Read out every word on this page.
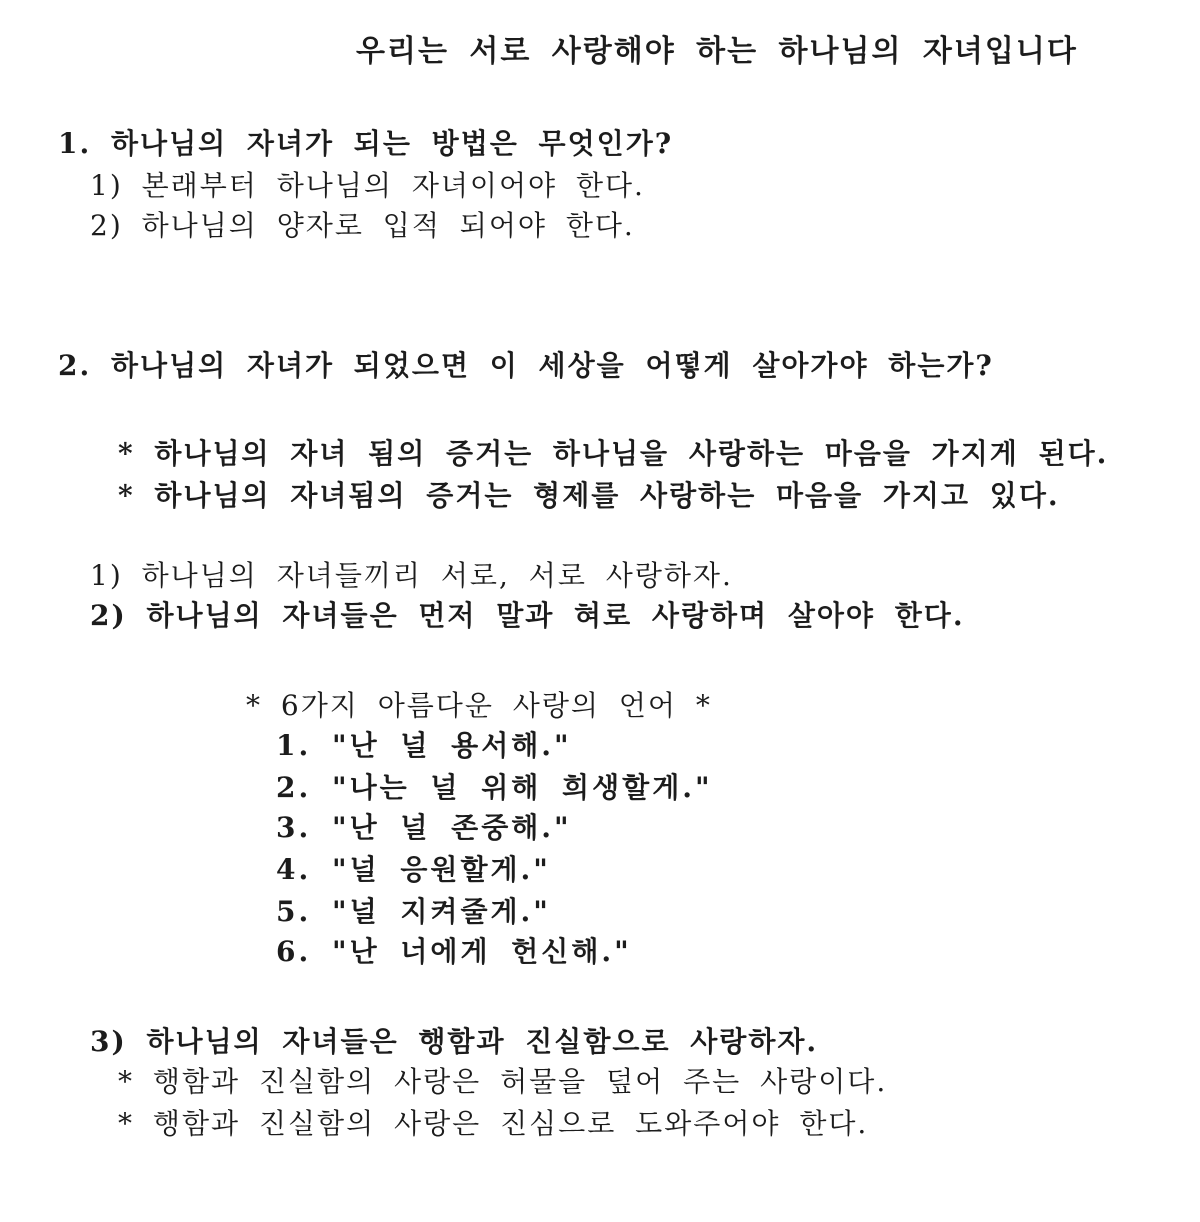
우리는 서로 사랑해야 하는 하나님의 자녀입니다
1. 하나님의 자녀가 되는 방법은 무엇인가?
1) 본래부터 하나님의 자녀이어야 한다.
2) 하나님의 양자로 입적 되어야 한다.
2. 하나님의 자녀가 되었으면 이 세상을 어떻게 살아가야 하는가?
* 하나님의 자녀 됨의 증거는 하나님을 사랑하는 마음을 가지게 된다.
* 하나님의 자녀됨의 증거는 형제를 사랑하는 마음을 가지고 있다.
1) 하나님의 자녀들끼리 서로, 서로 사랑하자.
2) 하나님의 자녀들은 먼저 말과 혀로 사랑하며 살아야 한다.
* 6가지 아름다운 사랑의 언어 *
1. "난 널 용서해."
2. "나는 널 위해 희생할게."
3. "난 널 존중해."
4. "널 응원할게."
5. "널 지켜줄게."
6. "난 너에게 헌신해."
3) 하나님의 자녀들은 행함과 진실함으로 사랑하자.
* 행함과 진실함의 사랑은 허물을 덮어 주는 사랑이다.
* 행함과 진실함의 사랑은 진심으로 도와주어야 한다.
